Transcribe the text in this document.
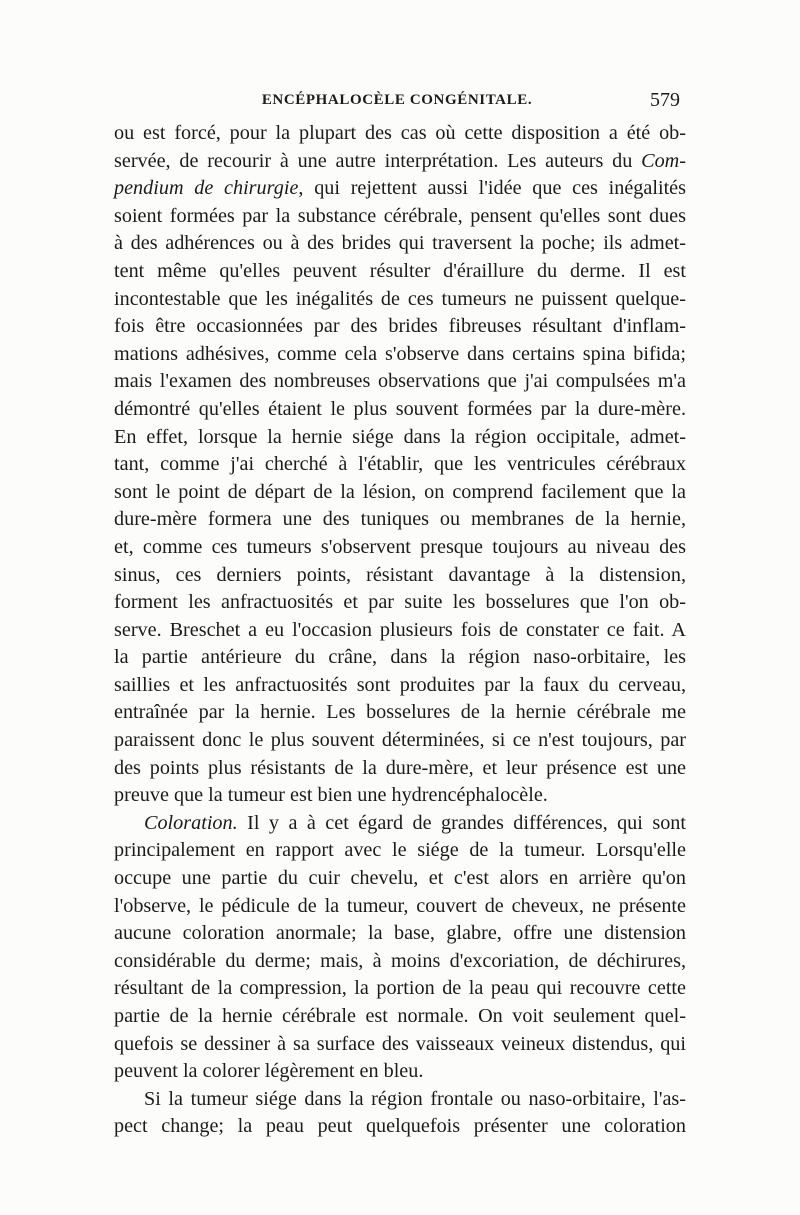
ENCÉPHALOCÈLE CONGÉNITALE.	579
ou est forcé, pour la plupart des cas où cette disposition a été ob-
servée, de recourir à une autre interprétation. Les auteurs du Com-
pendium de chirurgie, qui rejettent aussi l'idée que ces inégalités
soient formées par la substance cérébrale, pensent qu'elles sont dues
à des adhérences ou à des brides qui traversent la poche; ils admet-
tent même qu'elles peuvent résulter d'éraillure du derme. Il est
incontestable que les inégalités de ces tumeurs ne puissent quelque-
fois être occasionnées par des brides fibreuses résultant d'inflam-
mations adhésives, comme cela s'observe dans certains spina bifida;
mais l'examen des nombreuses observations que j'ai compulsées m'a
démontré qu'elles étaient le plus souvent formées par la dure-mère.
En effet, lorsque la hernie siége dans la région occipitale, admet-
tant, comme j'ai cherché à l'établir, que les ventricules cérébraux
sont le point de départ de la lésion, on comprend facilement que la
dure-mère formera une des tuniques ou membranes de la hernie,
et, comme ces tumeurs s'observent presque toujours au niveau des
sinus, ces derniers points, résistant davantage à la distension,
forment les anfractuosités et par suite les bosselures que l'on ob-
serve. Breschet a eu l'occasion plusieurs fois de constater ce fait. A
la partie antérieure du crâne, dans la région naso-orbitaire, les
saillies et les anfractuosités sont produites par la faux du cerveau,
entraînée par la hernie. Les bosselures de la hernie cérébrale me
paraissent donc le plus souvent déterminées, si ce n'est toujours, par
des points plus résistants de la dure-mère, et leur présence est une
preuve que la tumeur est bien une hydrencéphalocèle.
Coloration. Il y a à cet égard de grandes différences, qui sont
principalement en rapport avec le siége de la tumeur. Lorsqu'elle
occupe une partie du cuir chevelu, et c'est alors en arrière qu'on
l'observe, le pédicule de la tumeur, couvert de cheveux, ne présente
aucune coloration anormale; la base, glabre, offre une distension
considérable du derme; mais, à moins d'excoriation, de déchirures,
résultant de la compression, la portion de la peau qui recouvre cette
partie de la hernie cérébrale est normale. On voit seulement quel-
quefois se dessiner à sa surface des vaisseaux veineux distendus, qui
peuvent la colorer légèrement en bleu.
Si la tumeur siége dans la région frontale ou naso-orbitaire, l'as-
pect change; la peau peut quelquefois présenter une coloration
